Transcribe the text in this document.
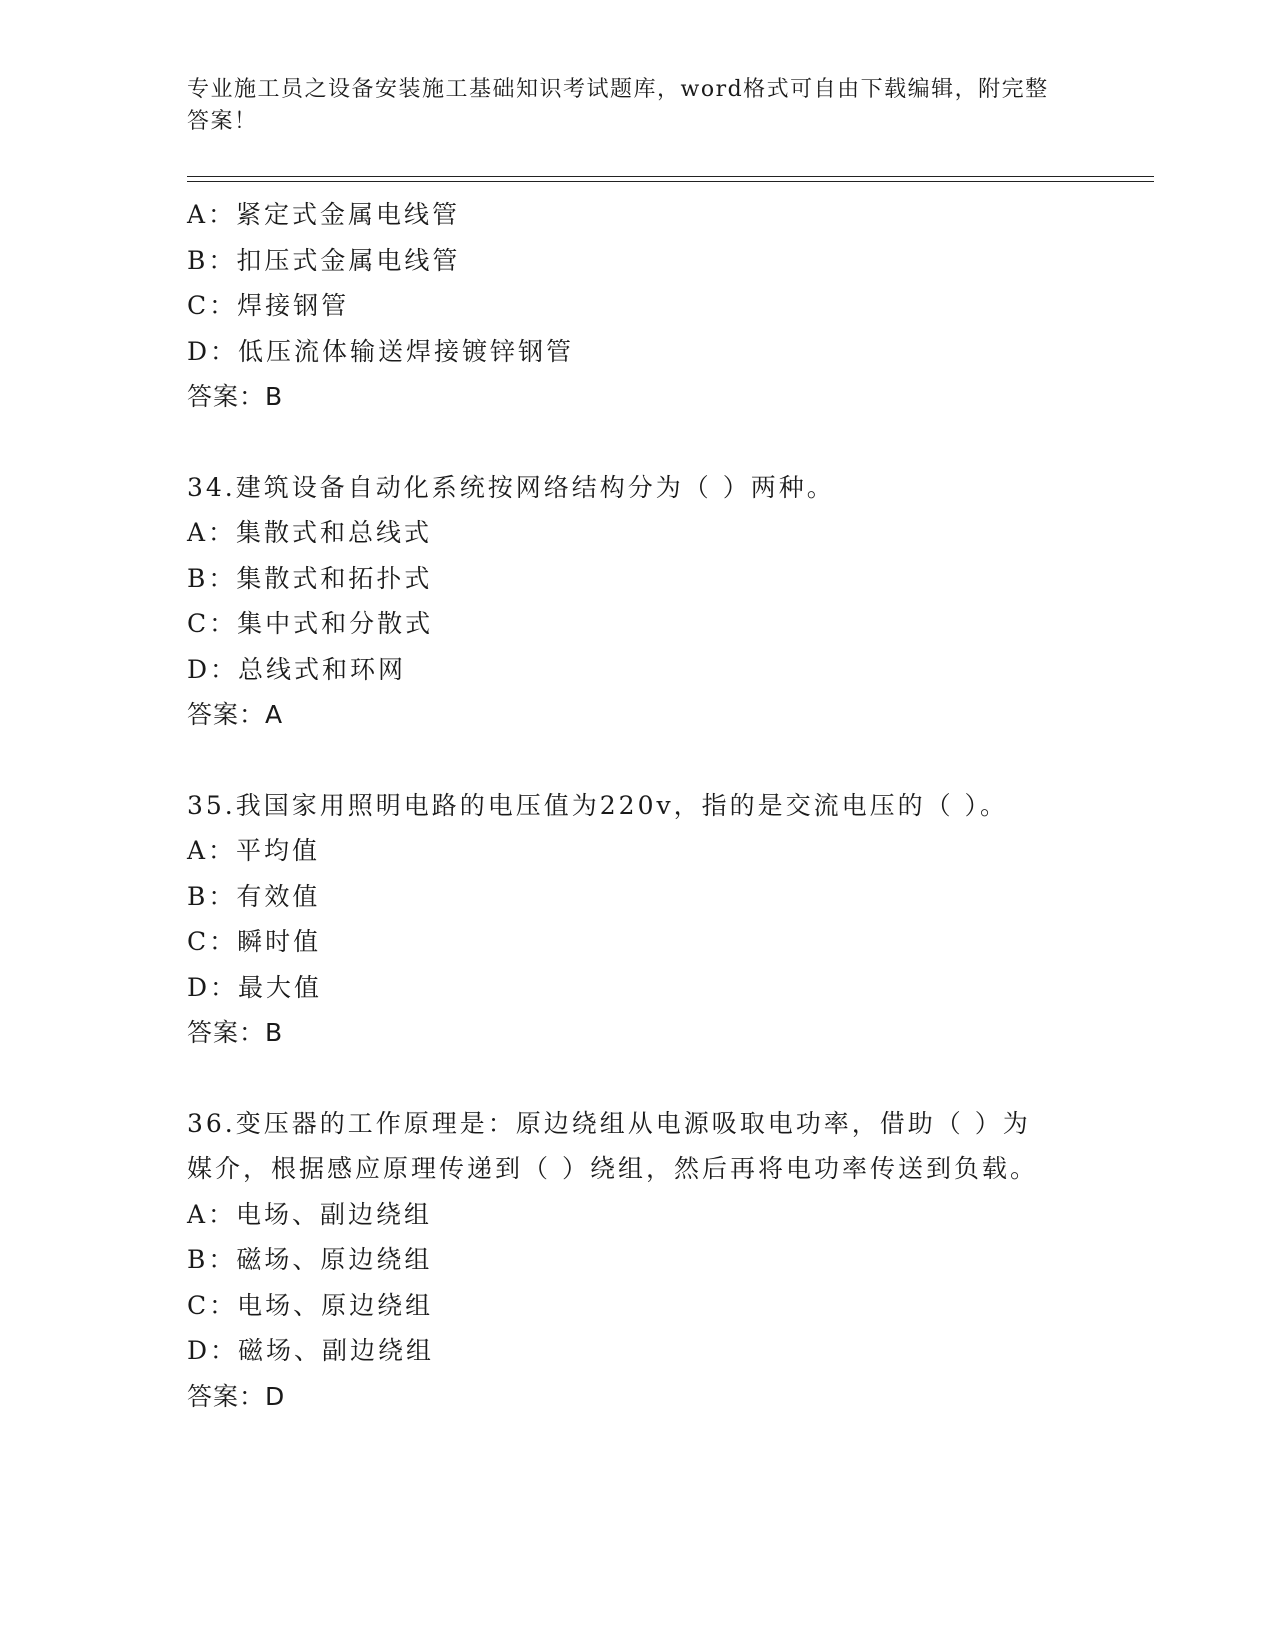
专业施工员之设备安装施工基础知识考试题库，word格式可自由下载编辑，附完整答案！
A：紧定式金属电线管
B：扣压式金属电线管
C：焊接钢管
D：低压流体输送焊接镀锌钢管
答案：B
34.建筑设备自动化系统按网络结构分为（ ）两种。
A：集散式和总线式
B：集散式和拓扑式
C：集中式和分散式
D：总线式和环网
答案：A
35.我国家用照明电路的电压值为220v，指的是交流电压的（ ）。
A：平均值
B：有效值
C：瞬时值
D：最大值
答案：B
36.变压器的工作原理是：原边绕组从电源吸取电功率，借助（ ）为
媒介，根据感应原理传递到（ ）绕组，然后再将电功率传送到负载。
A：电场、副边绕组
B：磁场、原边绕组
C：电场、原边绕组
D：磁场、副边绕组
答案：D
